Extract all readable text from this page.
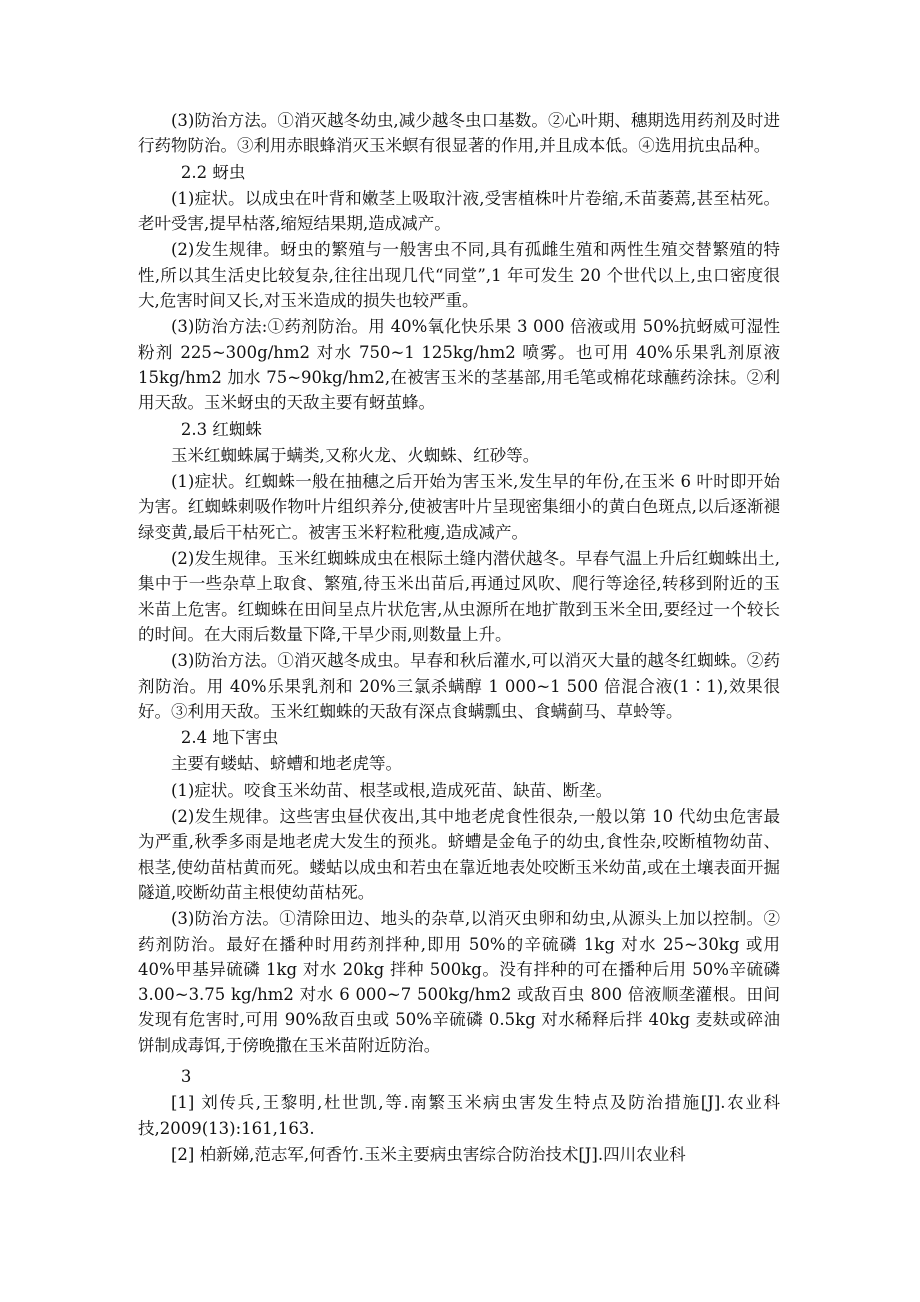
(3)防治方法。①消灭越冬幼虫,减少越冬虫口基数。②心叶期、穗期选用药剂及时进行药物防治。③利用赤眼蜂消灭玉米螟有很显著的作用,并且成本低。④选用抗虫品种。

2.2 蚜虫

(1)症状。以成虫在叶背和嫩茎上吸取汁液,受害植株叶片卷缩,禾苗萎蔫,甚至枯死。老叶受害,提早枯落,缩短结果期,造成减产。

(2)发生规律。蚜虫的繁殖与一般害虫不同,具有孤雌生殖和两性生殖交替繁殖的特性,所以其生活史比较复杂,往往出现几代“同堂”,1 年可发生 20 个世代以上,虫口密度很大,危害时间又长,对玉米造成的损失也较严重。

(3)防治方法:①药剂防治。用 40%氧化快乐果 3 000 倍液或用 50%抗蚜威可湿性粉剂 225~300g/hm2 对水 750~1 125kg/hm2 喷雾。也可用 40%乐果乳剂原液 15kg/hm2 加水 75~90kg/hm2,在被害玉米的茎基部,用毛笔或棉花球蘸药涂抹。②利用天敌。玉米蚜虫的天敌主要有蚜茧蜂。

2.3 红蜘蛛

玉米红蜘蛛属于螨类,又称火龙、火蜘蛛、红砂等。

(1)症状。红蜘蛛一般在抽穗之后开始为害玉米,发生早的年份,在玉米 6 叶时即开始为害。红蜘蛛刺吸作物叶片组织养分,使被害叶片呈现密集细小的黄白色斑点,以后逐渐褪绿变黄,最后干枯死亡。被害玉米籽粒秕瘦,造成减产。

(2)发生规律。玉米红蜘蛛成虫在根际土缝内潜伏越冬。早春气温上升后红蜘蛛出土,集中于一些杂草上取食、繁殖,待玉米出苗后,再通过风吹、爬行等途径,转移到附近的玉米苗上危害。红蜘蛛在田间呈点片状危害,从虫源所在地扩散到玉米全田,要经过一个较长的时间。在大雨后数量下降,干旱少雨,则数量上升。

(3)防治方法。①消灭越冬成虫。早春和秋后灌水,可以消灭大量的越冬红蜘蛛。②药剂防治。用 40%乐果乳剂和 20%三氯杀螨醇 1 000~1 500 倍混合液(1∶1),效果很好。③利用天敌。玉米红蜘蛛的天敌有深点食螨瓢虫、食螨蓟马、草蛉等。

2.4 地下害虫

主要有蝼蛄、蛴螬和地老虎等。

(1)症状。咬食玉米幼苗、根茎或根,造成死苗、缺苗、断垄。

(2)发生规律。这些害虫昼伏夜出,其中地老虎食性很杂,一般以第 10 代幼虫危害最为严重,秋季多雨是地老虎大发生的预兆。蛴螬是金龟子的幼虫,食性杂,咬断植物幼苗、根茎,使幼苗枯黄而死。蝼蛄以成虫和若虫在靠近地表处咬断玉米幼苗,或在土壤表面开掘隧道,咬断幼苗主根使幼苗枯死。

(3)防治方法。①清除田边、地头的杂草,以消灭虫卵和幼虫,从源头上加以控制。②药剂防治。最好在播种时用药剂拌种,即用 50%的辛硫磷 1kg 对水 25~30kg 或用 40%甲基异硫磷 1kg 对水 20kg 拌种 500kg。没有拌种的可在播种后用 50%辛硫磷 3.00~3.75 kg/hm2 对水 6 000~7 500kg/hm2 或敌百虫 800 倍液顺垄灌根。田间发现有危害时,可用 90%敌百虫或 50%辛硫磷 0.5kg 对水稀释后拌 40kg 麦麸或碎油饼制成毒饵,于傍晚撒在玉米苗附近防治。

3

[1] 刘传兵,王黎明,杜世凯,等.南繁玉米病虫害发生特点及防治措施[J].农业科技,2009(13):161,163.

[2] 柏新娣,范志军,何香竹.玉米主要病虫害综合防治技术[J].四川农业科
